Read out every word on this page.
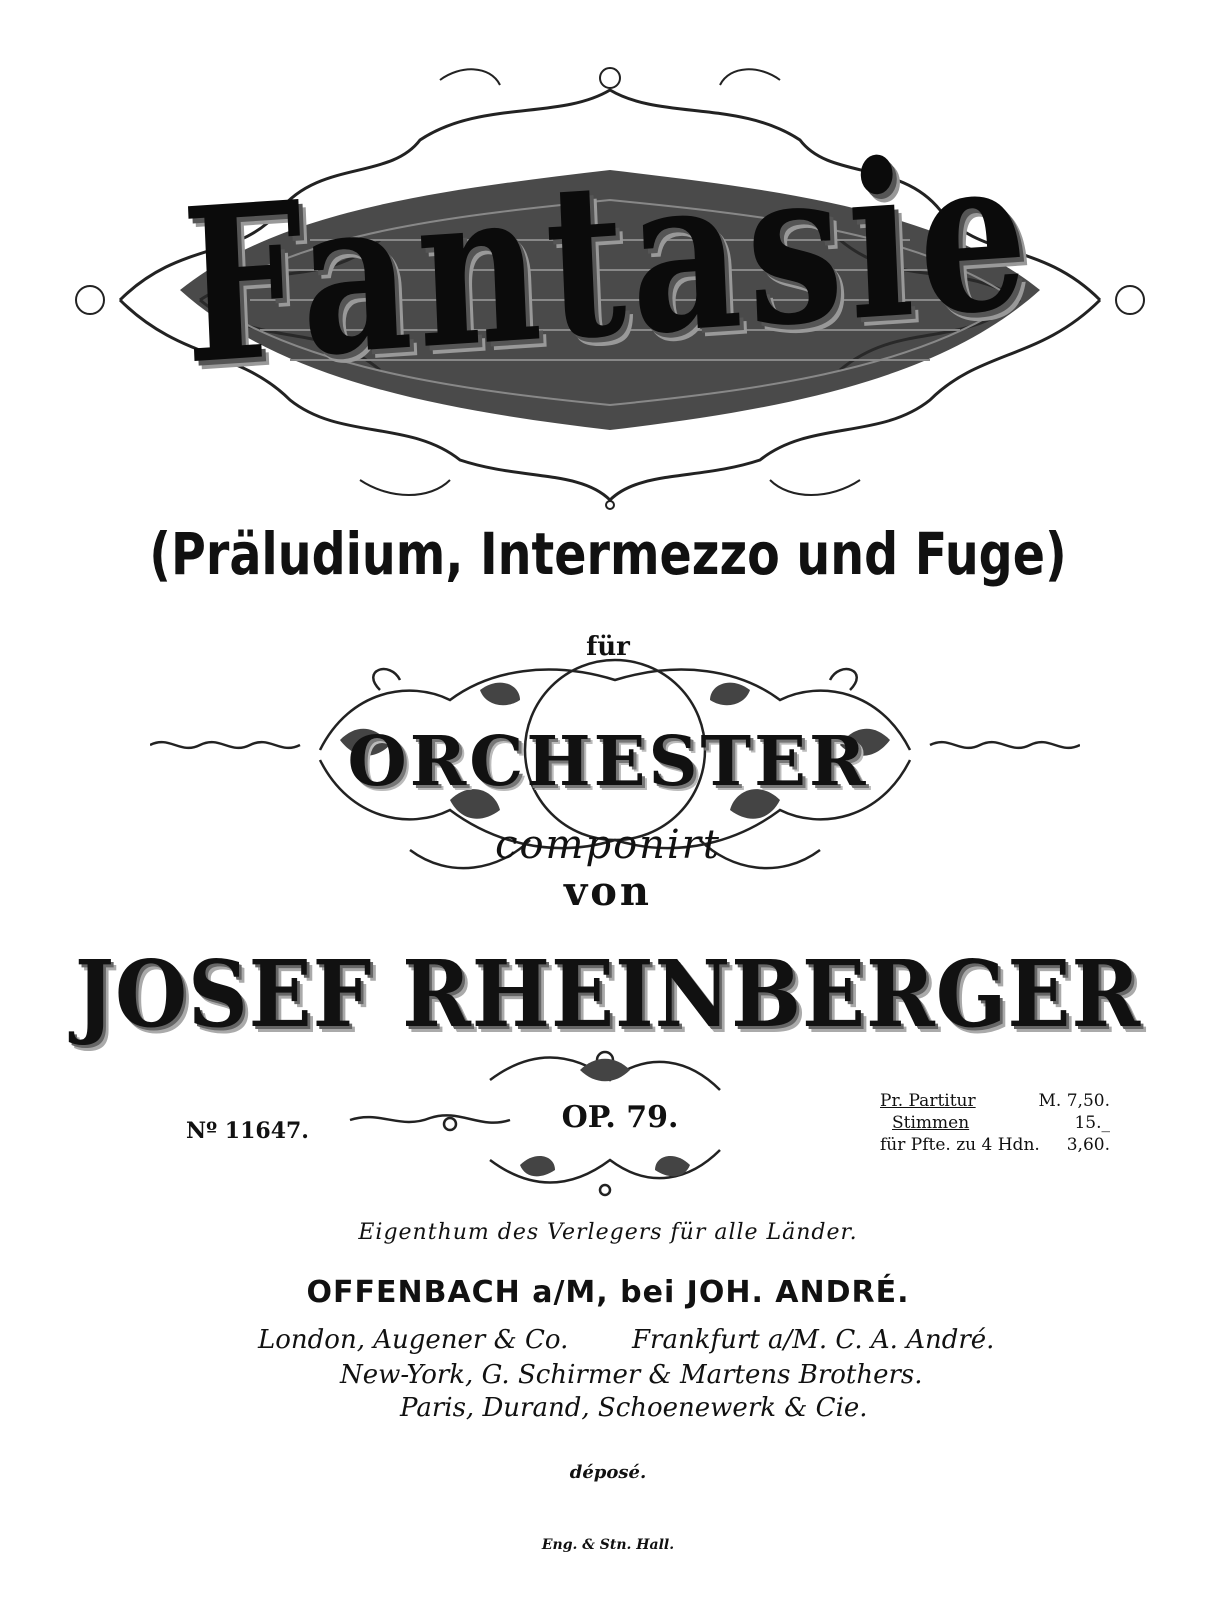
Fantasie
(Präludium, Intermezzo und Fuge)
für
ORCHESTER
componirt
von
JOSEF RHEINBERGER
OP. 79.
Nº 11647.
Pr. Partitur	M. 7,50.
Stimmen	15._
für Pfte. zu 4 Hdn. 3,60.
Eigenthum des Verlegers für alle Länder.
OFFENBACH a/M, bei JOH. ANDRÉ.
London, Augener & Co. Frankfurt a/M. C. A. André.
New-York, G. Schirmer & Martens Brothers.
Paris, Durand, Schoenewerk & Cie.
déposé.
Eng. & Stn. Hall.
